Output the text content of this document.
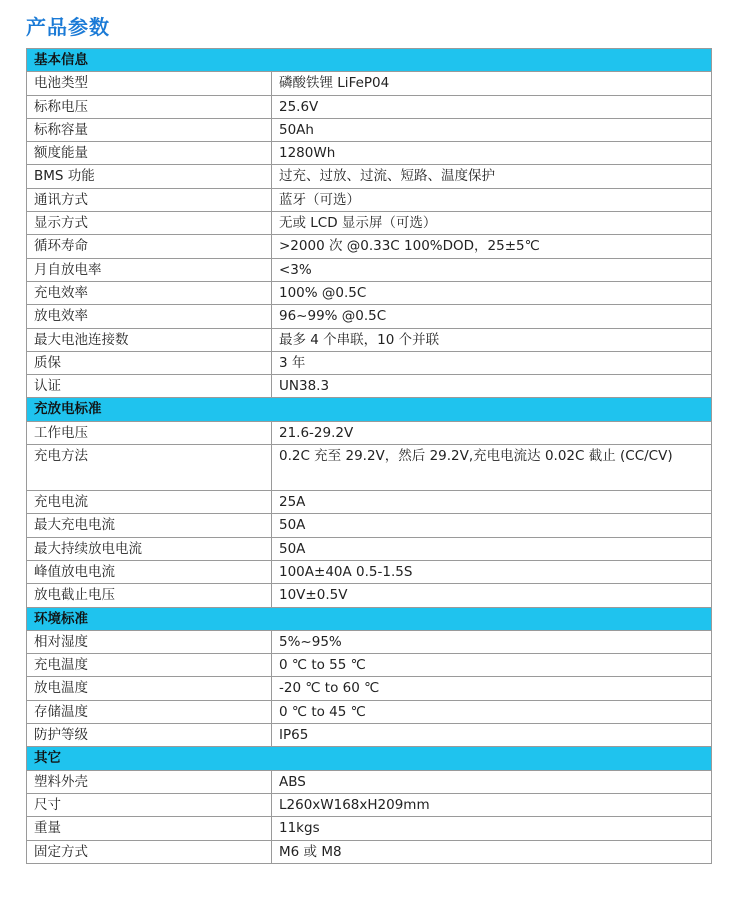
产品参数
基本信息	
电池类型	磷酸铁锂 LiFeP04
标称电压	25.6V
标称容量	50Ah
额度能量	1280Wh
BMS 功能	过充、过放、过流、短路、温度保护
通讯方式	蓝牙（可选）
显示方式	无或 LCD 显示屏（可选）
循环寿命	>2000 次 @0.33C 100%DOD，25±5℃
月自放电率	<3%
充电效率	100% @0.5C
放电效率	96~99% @0.5C
最大电池连接数	最多 4 个串联，10 个并联
质保	3 年
认证	UN38.3
充放电标准	
工作电压	21.6-29.2V
充电方法	0.2C 充至 29.2V，然后 29.2V,充电电流达 0.02C 截止 (CC/CV)
充电电流	25A
最大充电电流	50A
最大持续放电电流	50A
峰值放电电流	100A±40A 0.5-1.5S
放电截止电压	10V±0.5V
环境标准	
相对湿度	5%~95%
充电温度	0 ℃ to 55 ℃
放电温度	-20 ℃ to 60 ℃
存储温度	0 ℃ to 45 ℃
防护等级	IP65
其它	
塑料外壳	ABS
尺寸	L260xW168xH209mm
重量	11kgs
固定方式	M6 或 M8
